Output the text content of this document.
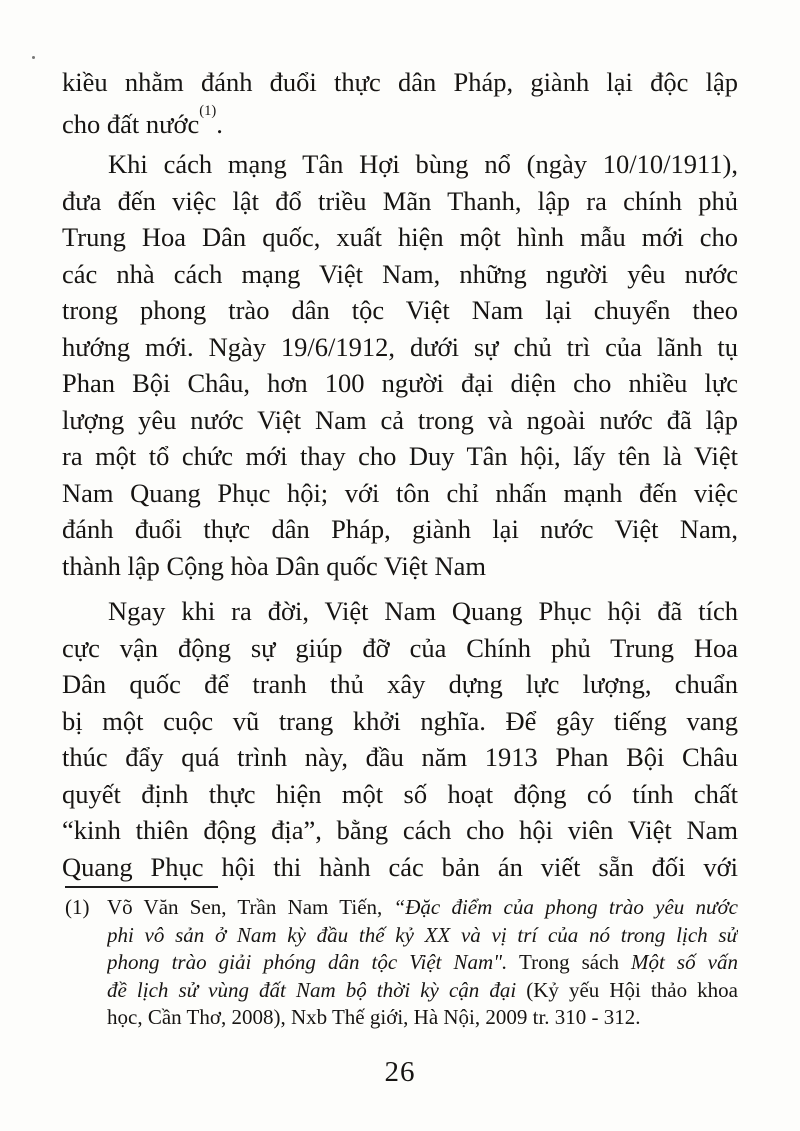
kiều nhằm đánh đuổi thực dân Pháp, giành lại độc lập
cho đất nước$^{(1)}$.
Khi cách mạng Tân Hợi bùng nổ (ngày 10/10/1911),
đưa đến việc lật đổ triều Mãn Thanh, lập ra chính phủ
Trung Hoa Dân quốc, xuất hiện một hình mẫu mới cho
các nhà cách mạng Việt Nam, những người yêu nước
trong phong trào dân tộc Việt Nam lại chuyển theo
hướng mới. Ngày 19/6/1912, dưới sự chủ trì của lãnh tụ
Phan Bội Châu, hơn 100 người đại diện cho nhiều lực
lượng yêu nước Việt Nam cả trong và ngoài nước đã lập
ra một tổ chức mới thay cho Duy Tân hội, lấy tên là Việt
Nam Quang Phục hội; với tôn chỉ nhấn mạnh đến việc
đánh đuổi thực dân Pháp, giành lại nước Việt Nam,
thành lập Cộng hòa Dân quốc Việt Nam
Ngay khi ra đời, Việt Nam Quang Phục hội đã tích
cực vận động sự giúp đỡ của Chính phủ Trung Hoa
Dân quốc để tranh thủ xây dựng lực lượng, chuẩn
bị một cuộc vũ trang khởi nghĩa. Để gây tiếng vang
thúc đẩy quá trình này, đầu năm 1913 Phan Bội Châu
quyết định thực hiện một số hoạt động có tính chất
“kinh thiên động địa”, bằng cách cho hội viên Việt Nam
Quang Phục hội thi hành các bản án viết sẵn đối với
(1) Võ Văn Sen, Trần Nam Tiến, “Đặc điểm của phong trào yêu nước
phi vô sản ở Nam kỳ đầu thế kỷ XX và vị trí của nó trong lịch sử
phong trào giải phóng dân tộc Việt Nam". Trong sách Một số vấn
đề lịch sử vùng đất Nam bộ thời kỳ cận đại (Kỷ yếu Hội thảo khoa
học, Cần Thơ, 2008), Nxb Thế giới, Hà Nội, 2009 tr. 310 - 312.
26
